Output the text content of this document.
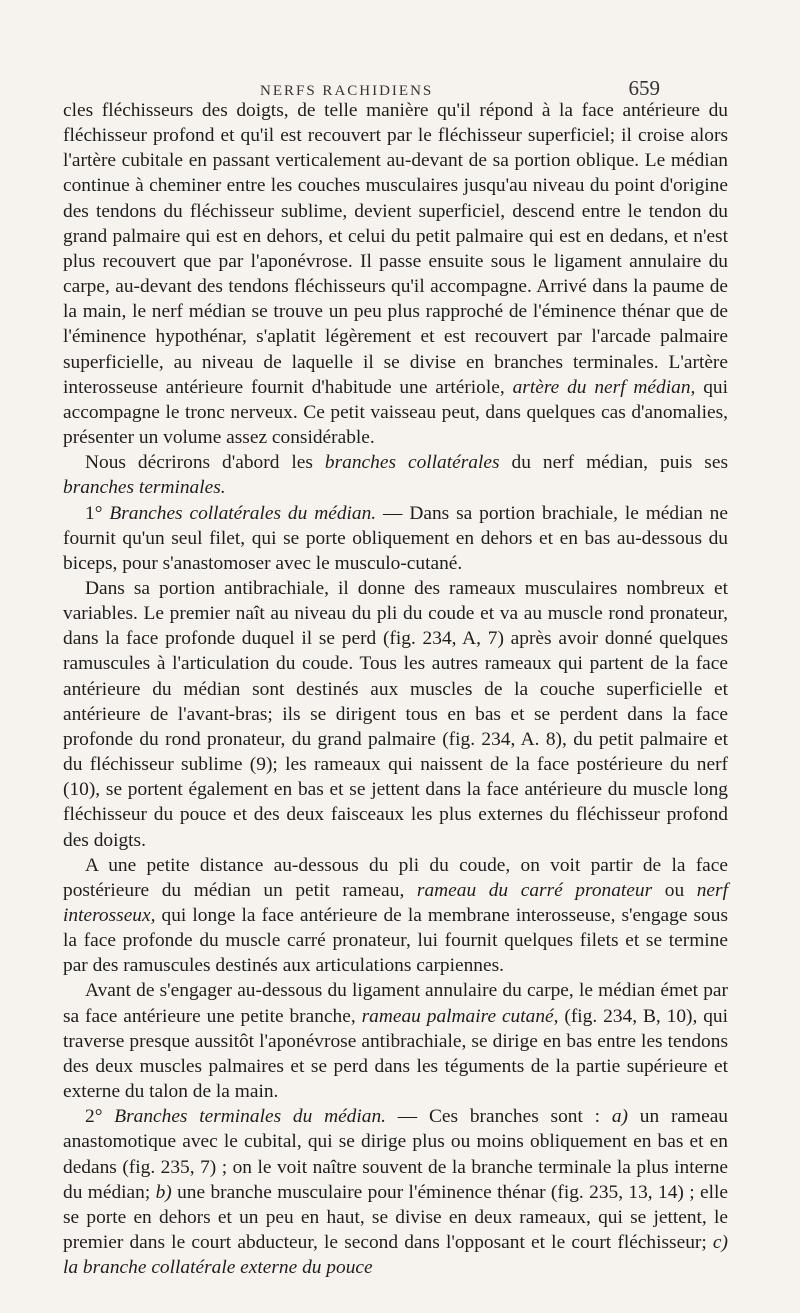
NERFS RACHIDIENS	659

cles fléchisseurs des doigts, de telle manière qu'il répond à la face antérieure du fléchisseur profond et qu'il est recouvert par le fléchisseur superficiel; il croise alors l'artère cubitale en passant verticalement au-devant de sa portion oblique. Le médian continue à cheminer entre les couches musculaires jusqu'au niveau du point d'origine des tendons du fléchisseur sublime, devient superficiel, descend entre le tendon du grand palmaire qui est en dehors, et celui du petit palmaire qui est en dedans, et n'est plus recouvert que par l'aponévrose. Il passe ensuite sous le ligament annulaire du carpe, au-devant des tendons fléchisseurs qu'il accompagne. Arrivé dans la paume de la main, le nerf médian se trouve un peu plus rapproché de l'éminence thénar que de l'éminence hypothénar, s'aplatit légèrement et est recouvert par l'arcade palmaire superficielle, au niveau de laquelle il se divise en branches terminales. L'artère interosseuse antérieure fournit d'habitude une artériole, artère du nerf médian, qui accompagne le tronc nerveux. Ce petit vaisseau peut, dans quelques cas d'anomalies, présenter un volume assez considérable.

Nous décrirons d'abord les branches collatérales du nerf médian, puis ses branches terminales.

1° Branches collatérales du médian. — Dans sa portion brachiale, le médian ne fournit qu'un seul filet, qui se porte obliquement en dehors et en bas au-dessous du biceps, pour s'anastomoser avec le musculo-cutané.

Dans sa portion antibrachiale, il donne des rameaux musculaires nombreux et variables. Le premier naît au niveau du pli du coude et va au muscle rond pronateur, dans la face profonde duquel il se perd (fig. 234, A, 7) après avoir donné quelques ramuscules à l'articulation du coude. Tous les autres rameaux qui partent de la face antérieure du médian sont destinés aux muscles de la couche superficielle et antérieure de l'avant-bras; ils se dirigent tous en bas et se perdent dans la face profonde du rond pronateur, du grand palmaire (fig. 234, A. 8), du petit palmaire et du fléchisseur sublime (9); les rameaux qui naissent de la face postérieure du nerf (10), se portent également en bas et se jettent dans la face antérieure du muscle long fléchisseur du pouce et des deux faisceaux les plus externes du fléchisseur profond des doigts.

A une petite distance au-dessous du pli du coude, on voit partir de la face postérieure du médian un petit rameau, rameau du carré pronateur ou nerf interosseux, qui longe la face antérieure de la membrane interosseuse, s'engage sous la face profonde du muscle carré pronateur, lui fournit quelques filets et se termine par des ramuscules destinés aux articulations carpiennes.

Avant de s'engager au-dessous du ligament annulaire du carpe, le médian émet par sa face antérieure une petite branche, rameau palmaire cutané, (fig. 234, B, 10), qui traverse presque aussitôt l'aponévrose antibrachiale, se dirige en bas entre les tendons des deux muscles palmaires et se perd dans les téguments de la partie supérieure et externe du talon de la main.

2° Branches terminales du médian. — Ces branches sont : a) un rameau anastomotique avec le cubital, qui se dirige plus ou moins obliquement en bas et en dedans (fig. 235, 7) ; on le voit naître souvent de la branche terminale la plus interne du médian; b) une branche musculaire pour l'éminence thénar (fig. 235, 13, 14) ; elle se porte en dehors et un peu en haut, se divise en deux rameaux, qui se jettent, le premier dans le court abducteur, le second dans l'opposant et le court fléchisseur; c) la branche collatérale externe du pouce
